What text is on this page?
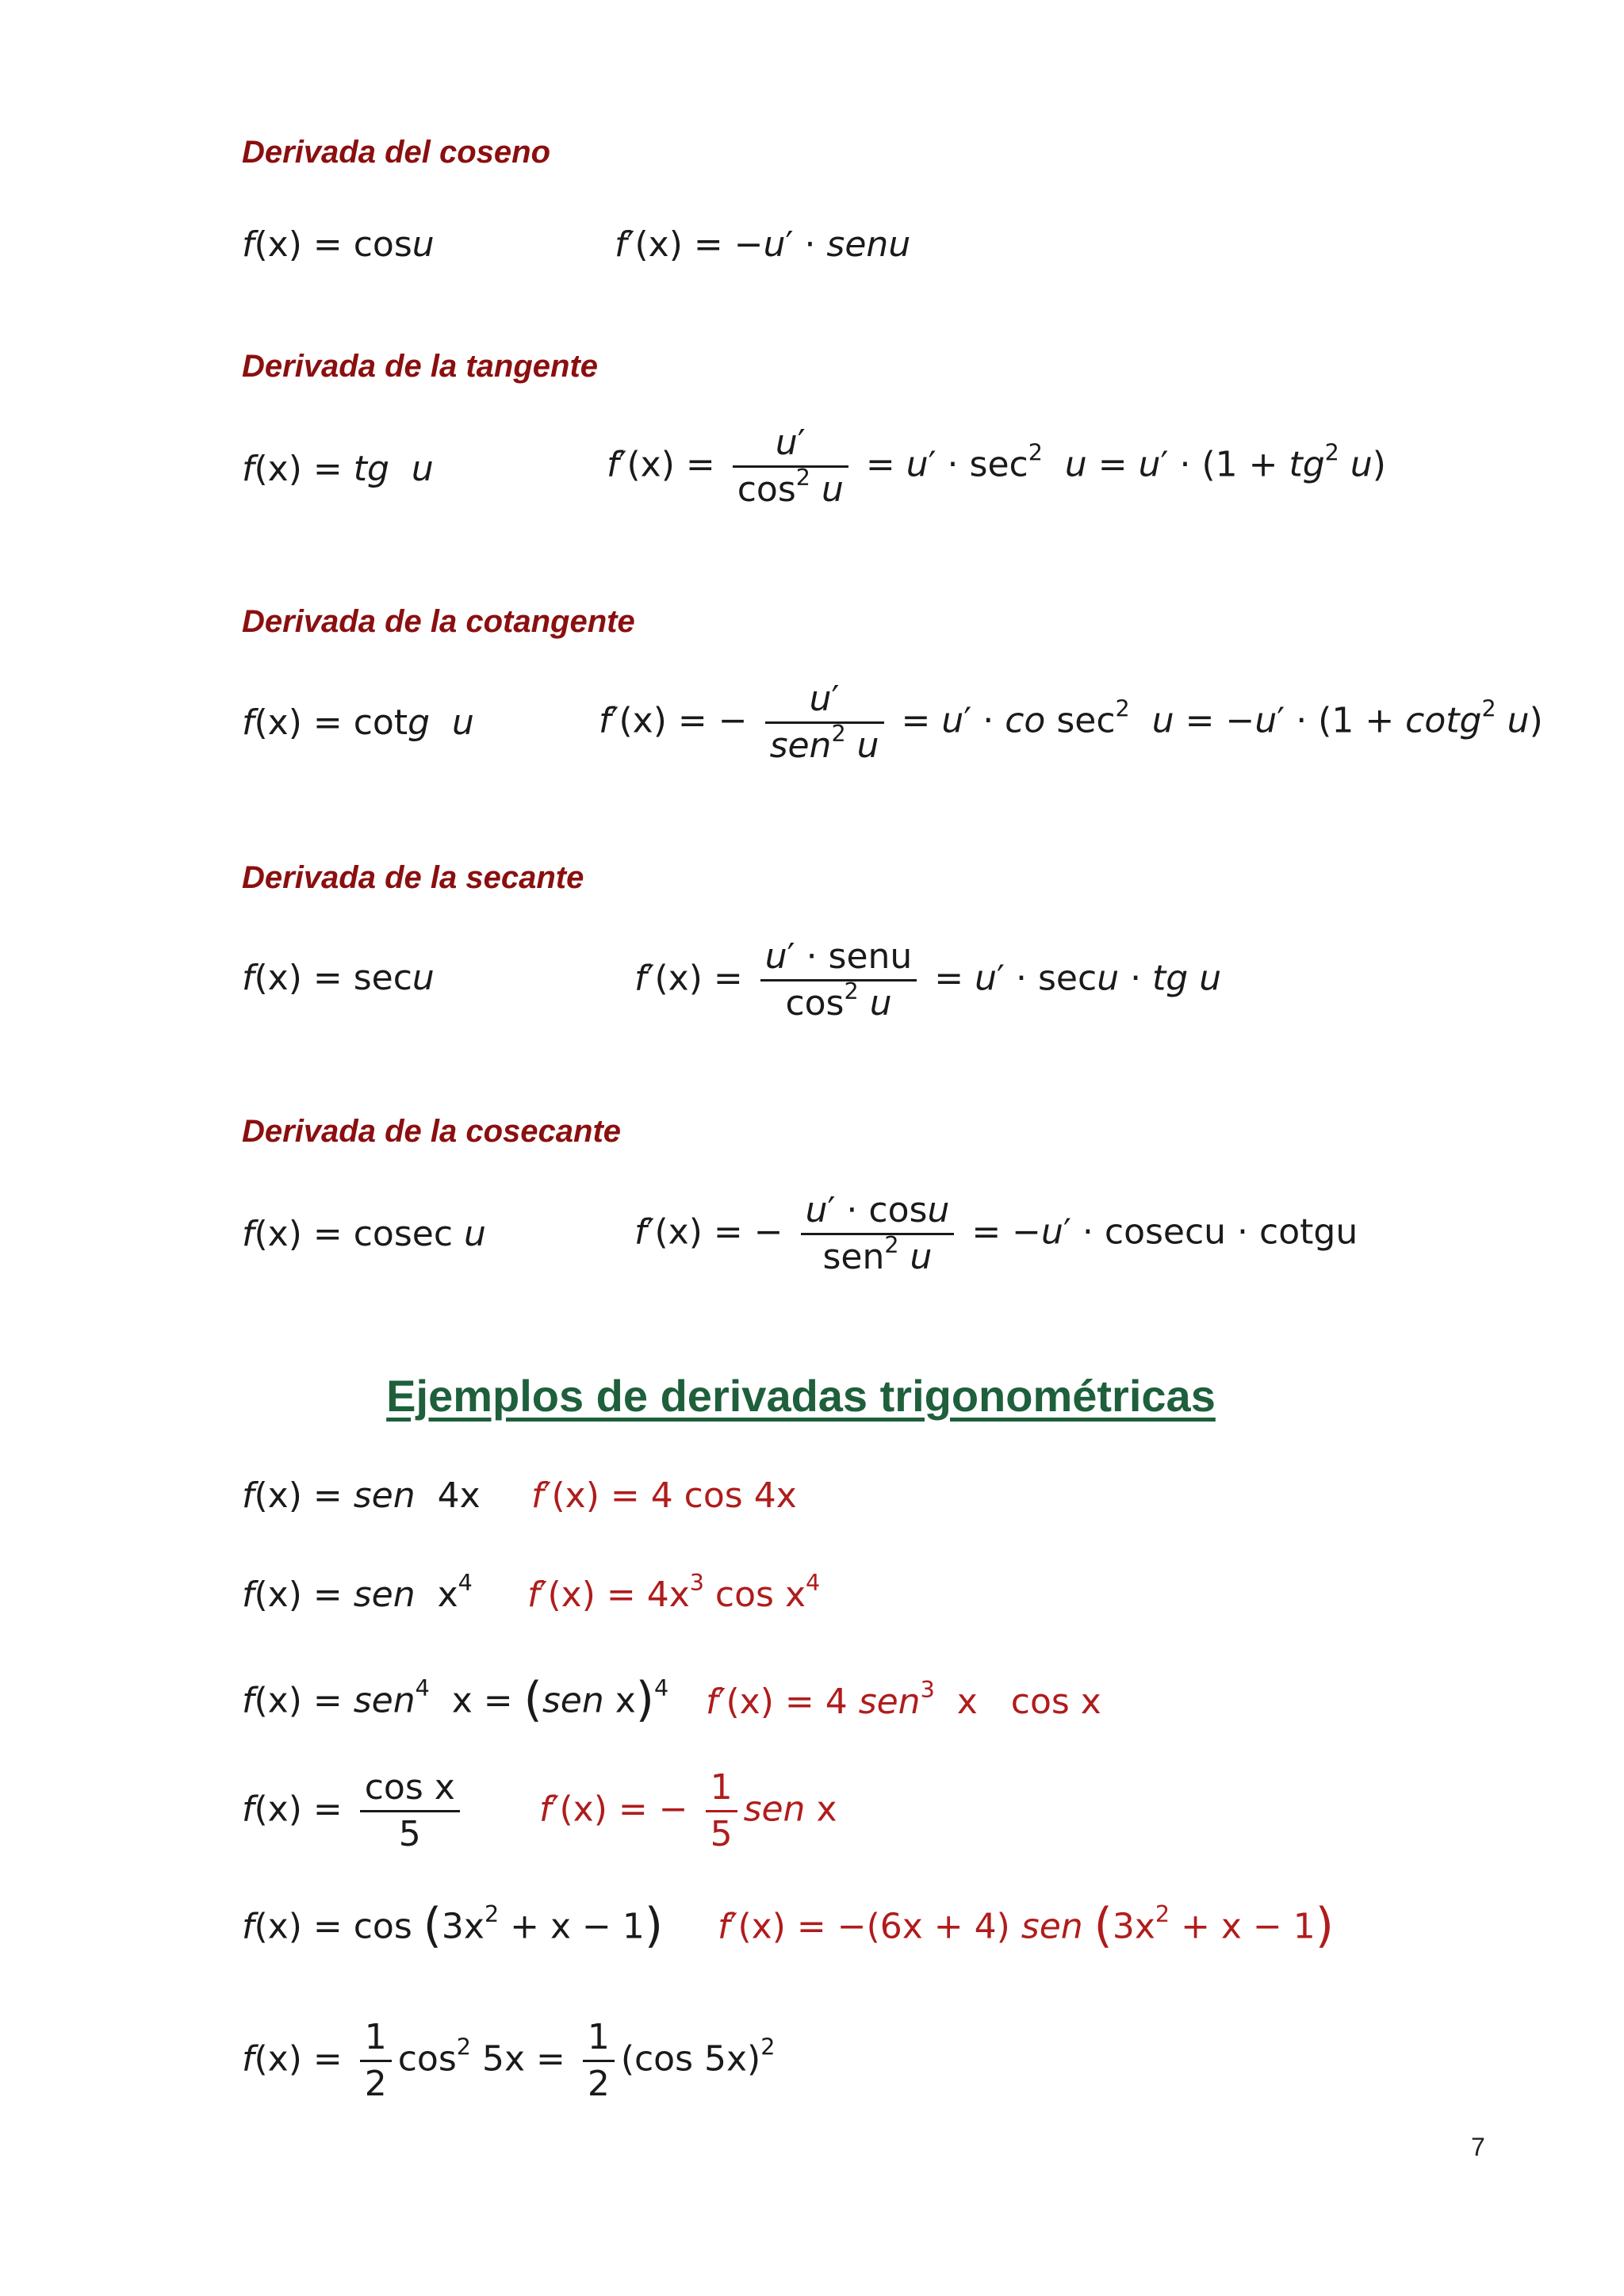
Derivada del coseno
f(x) = cosu	f′(x) = −u′ · senu
Derivada de la tangente
f(x) = tg u	$f'(x) = \frac{u'}{\cos^2 u} = u' \cdot \sec^2 u = u' \cdot (1 + tg^2$ u)
Derivada de la cotangente
f(x) = cotg u	f′(x) = − $\frac{u'}{sen^2 u} = u'$ · co $\sec^2 u = -u' \cdot (1 + \cot g^2$ u)
Derivada de la secante
f(x) = secu	$f'(x) = \frac{\text{u′ · senu}}{\cos^2 u} = u' \cdot \sec u$ · tg u
Derivada de la cosecante
f(x) = cosec u	f′(x) = − $\frac{u' \cdot \cos u}{sen^2 u} = -u' \cdot cosecu$ · cotgu
Ejemplos de derivadas trigonométricas
f(x) = sen  4x f′(x) = 4 cos 4x
f(x) = sen  $x^4$ $f'(x) = 4x^3$ $\cos x^4$
f(x) = sen$^4$  x = (sen x)$^4$ f′(x) = 4 sen$^3$  x   cos x
$f(x) = \frac{\text{cos x}}{5} f'(x)$ = − $\frac{1}{5}$ sen x
$f(x) = \cos (3x^2 + x - 1) f'(x) = -(6x + 4)$ sen $(3x^2 + x - 1)$
$f(x) = \frac{1}{2} \cos^2 5x = \frac{1}{2} (\cos$ 5x)$^2$
7
